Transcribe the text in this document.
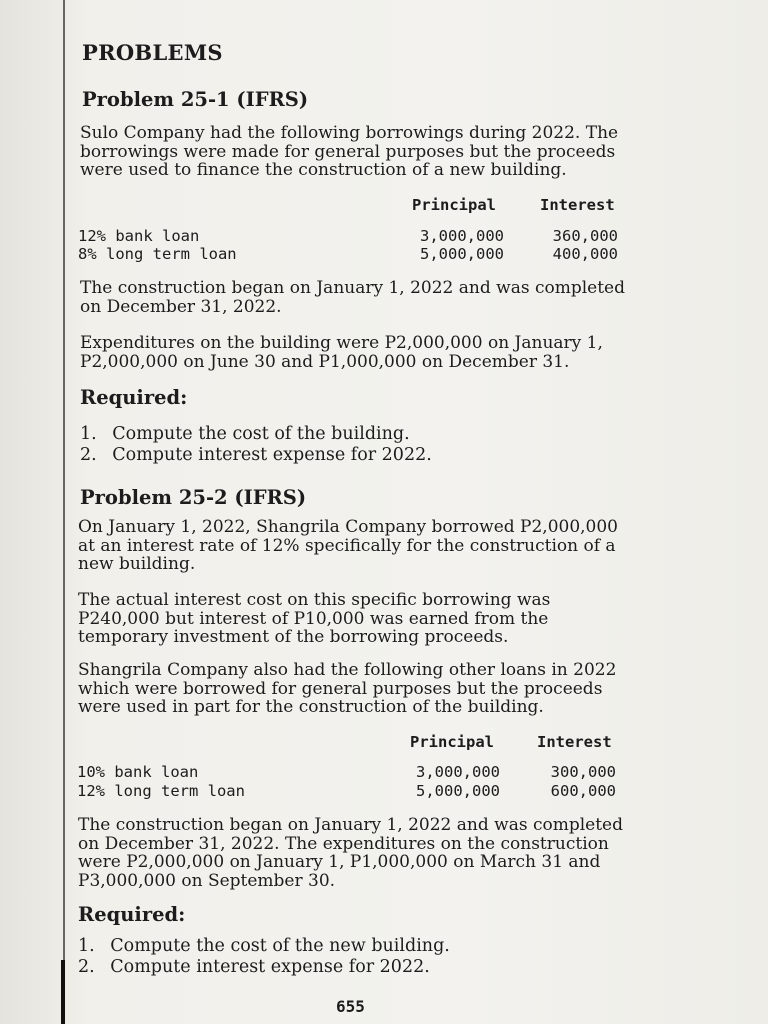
PROBLEMS
Problem 25-1 (IFRS)
Sulo Company had the following borrowings during 2022. The borrowings were made for general purposes but the proceeds were used to finance the construction of a new building.
Principal	Interest
12% bank loan	3,000,000	360,000
8% long term loan	5,000,000	400,000
The construction began on January 1, 2022 and was completed on December 31, 2022.
Expenditures on the building were P2,000,000 on January 1, P2,000,000 on June 30 and P1,000,000 on December 31.
Required:
1. Compute the cost of the building.
2. Compute interest expense for 2022.
Problem 25-2 (IFRS)
On January 1, 2022, Shangrila Company borrowed P2,000,000 at an interest rate of 12% specifically for the construction of a new building.
The actual interest cost on this specific borrowing was P240,000 but interest of P10,000 was earned from the temporary investment of the borrowing proceeds.
Shangrila Company also had the following other loans in 2022 which were borrowed for general purposes but the proceeds were used in part for the construction of the building.
Principal	Interest
10% bank loan	3,000,000	300,000
12% long term loan	5,000,000	600,000
The construction began on January 1, 2022 and was completed on December 31, 2022. The expenditures on the construction were P2,000,000 on January 1, P1,000,000 on March 31 and P3,000,000 on September 30.
Required:
1. Compute the cost of the new building.
2. Compute interest expense for 2022.
655
